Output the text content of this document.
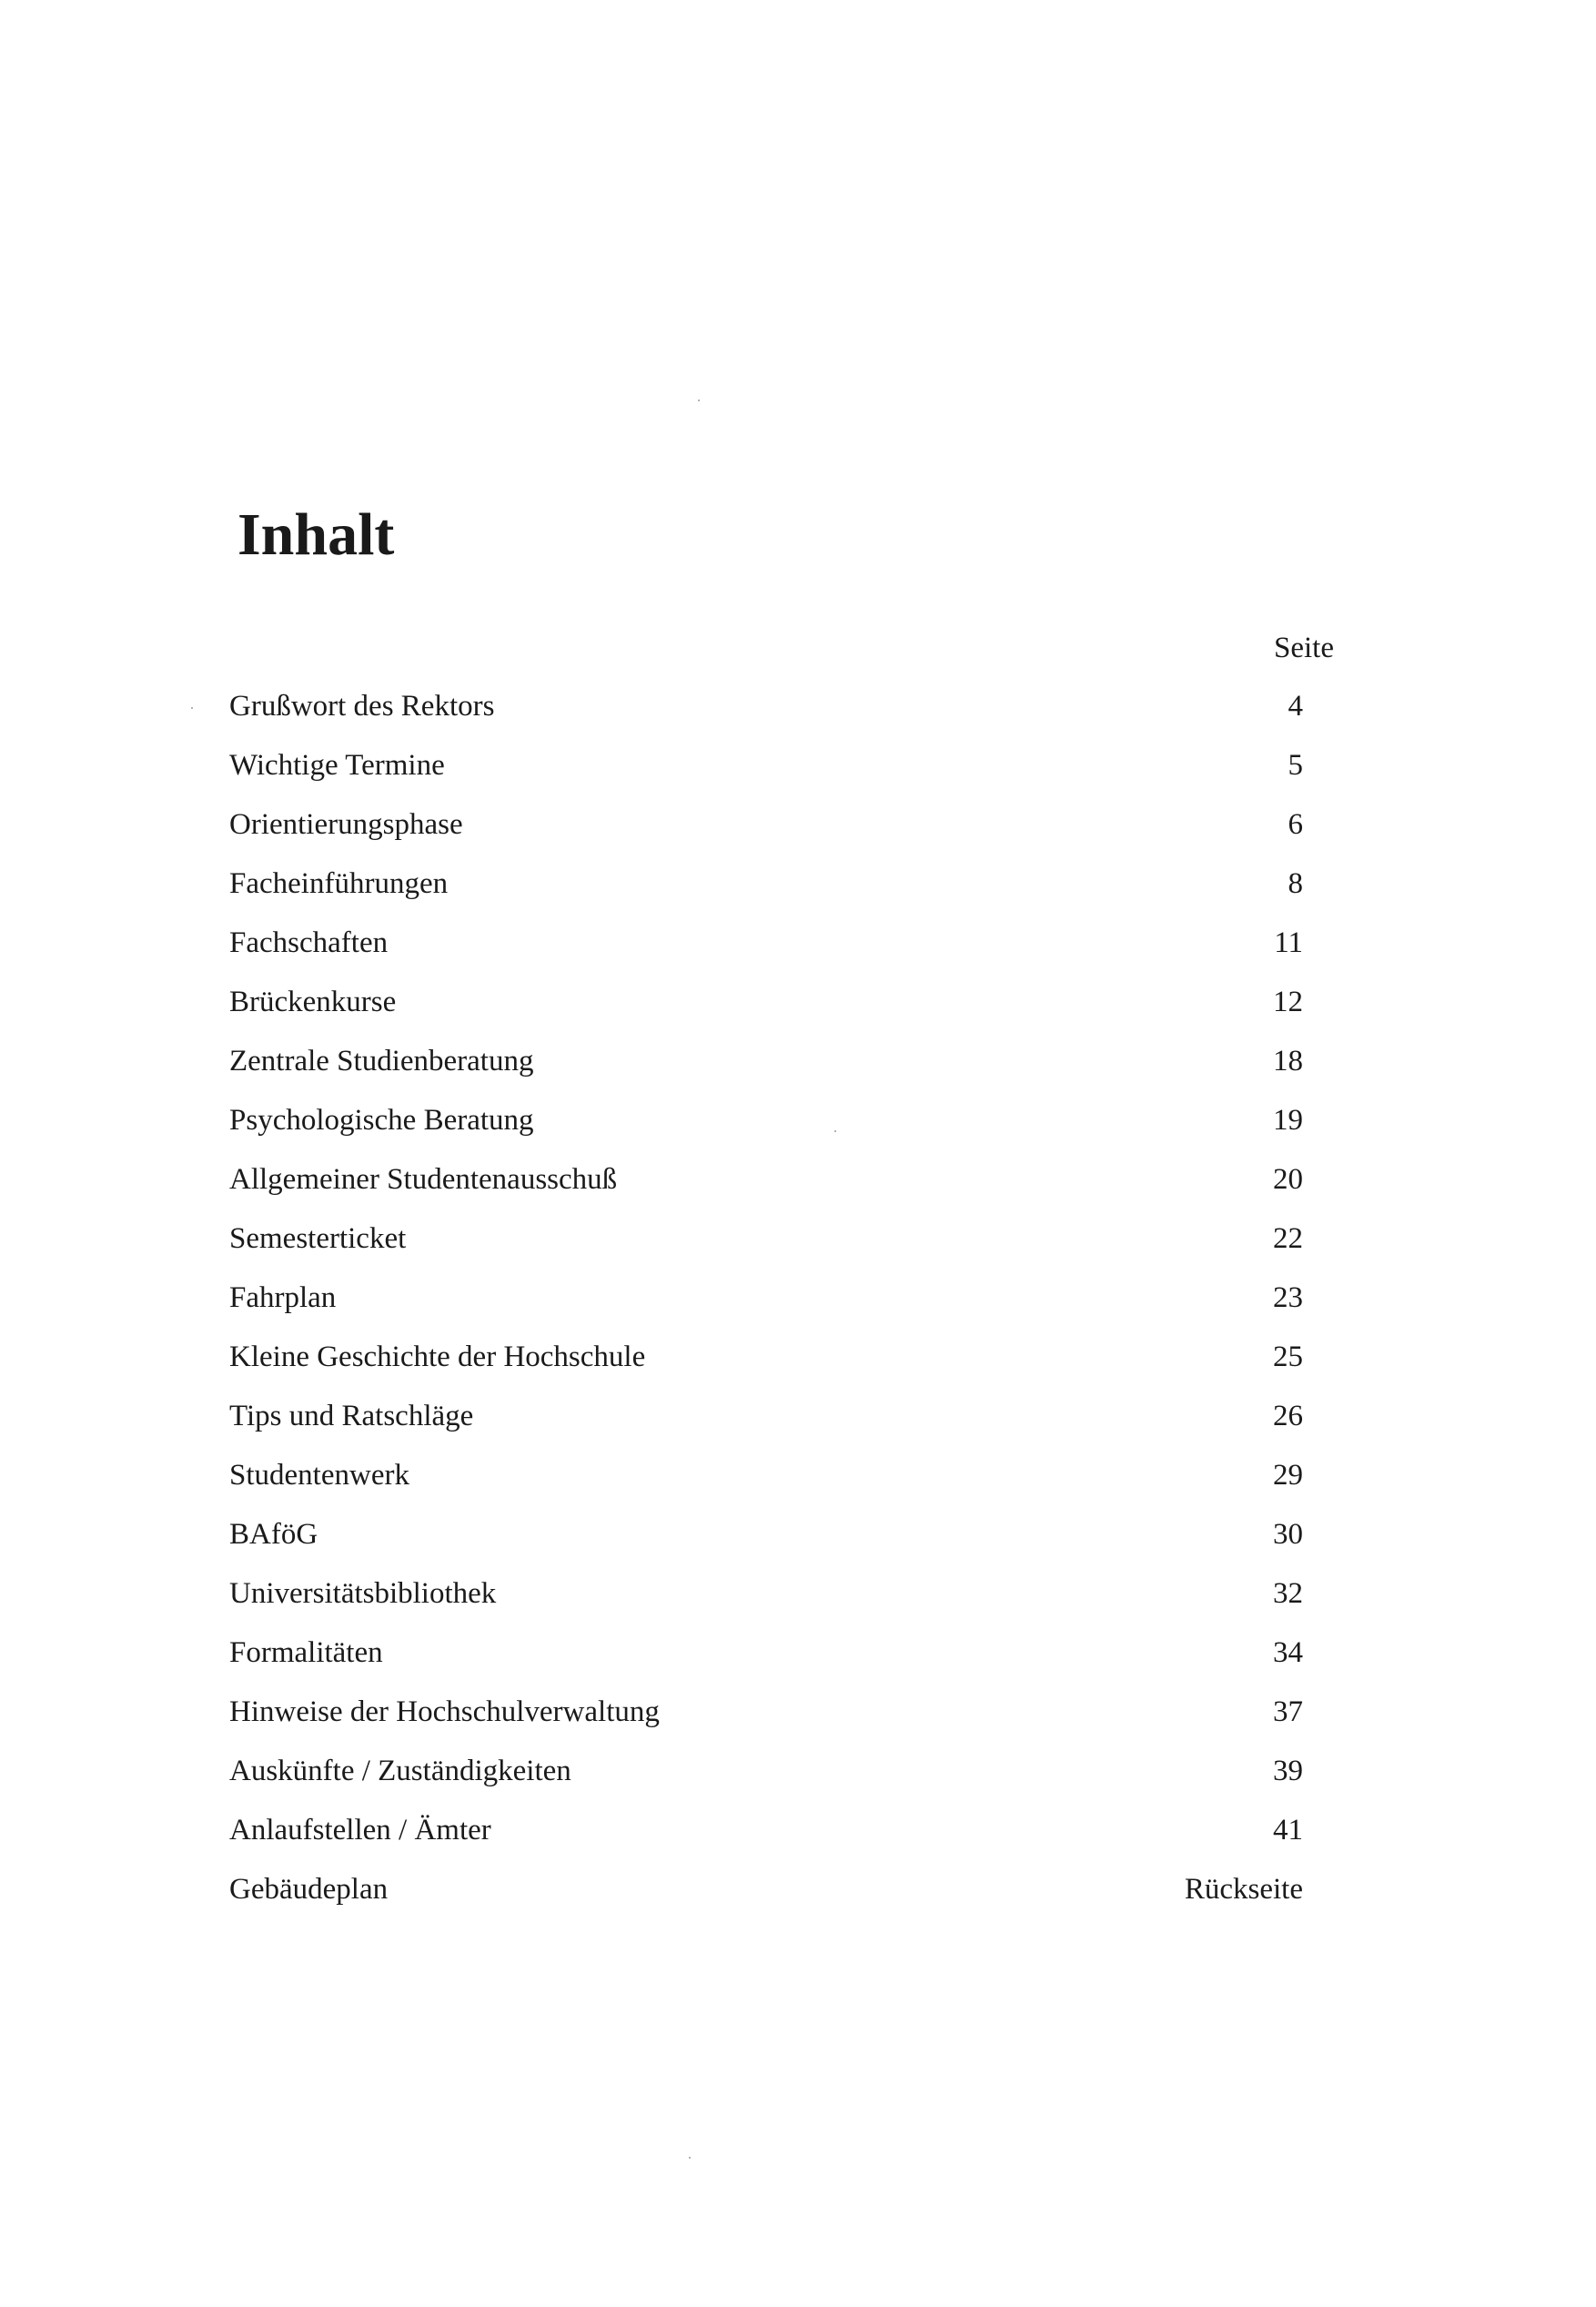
Inhalt
Seite
Grußwort des Rektors	4
Wichtige Termine	5
Orientierungsphase	6
Facheinführungen	8
Fachschaften	11
Brückenkurse	12
Zentrale Studienberatung	18
Psychologische Beratung	19
Allgemeiner Studentenausschuß	20
Semesterticket	22
Fahrplan	23
Kleine Geschichte der Hochschule	25
Tips und Ratschläge	26
Studentenwerk	29
BAföG	30
Universitätsbibliothek	32
Formalitäten	34
Hinweise der Hochschulverwaltung	37
Auskünfte / Zuständigkeiten	39
Anlaufstellen / Ämter	41
Gebäudeplan	Rückseite
